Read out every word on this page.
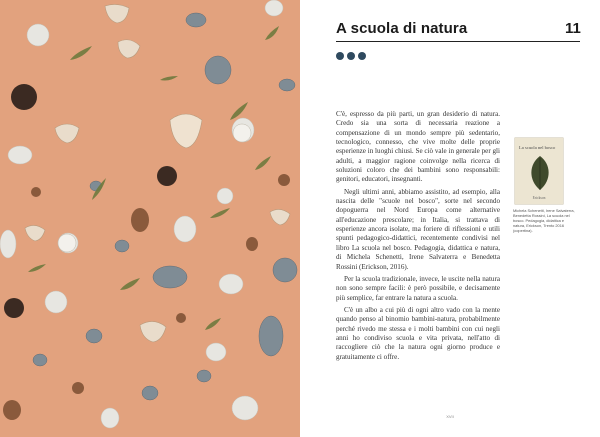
A scuola di natura	11

C'è, espresso da più parti, un gran desiderio di natura. Credo sia una sorta di necessaria reazione a compensazione di un mondo sempre più sedentario, tecnologico, connesso, che vive molte delle proprie esperienze in luoghi chiusi. Se ciò vale in generale per gli adulti, a maggior ragione coinvolge nella ricerca di soluzioni coloro che dei bambini sono responsabili: genitori, educatori, insegnanti.

Negli ultimi anni, abbiamo assistito, ad esempio, alla nascita delle "scuole nel bosco", sorte nel secondo dopoguerra nel Nord Europa come alternative all'educazione prescolare; in Italia, si trattava di esperienze ancora isolate, ma foriere di riflessioni e utili spunti pedagogico-didattici, recentemente condivisi nel libro La scuola nel bosco. Pedagogia, didattica e natura, di Michela Schenetti, Irene Salvaterra e Benedetta Rossini (Erickson, 2016).

Per la scuola tradizionale, invece, le uscite nella natura non sono sempre facili: è però possibile, e decisamente più semplice, far entrare la natura a scuola.

C'è un albo a cui più di ogni altro vado con la mente quando penso al binomio bambini-natura, probabilmente perché rivedo me stessa e i molti bambini con cui negli anni ho condiviso scuola e vita privata, nell'atto di raccogliere ciò che la natura ogni giorno produce e gratuitamente ci offre.

La scuola nel bosco
Erickson
Michela Schenetti, Irene Salvaterra, Benedetta Rossini, La scuola nel bosco. Pedagogia, didattica e natura, Erickson, Trento 2016 (copertina).
XVII
